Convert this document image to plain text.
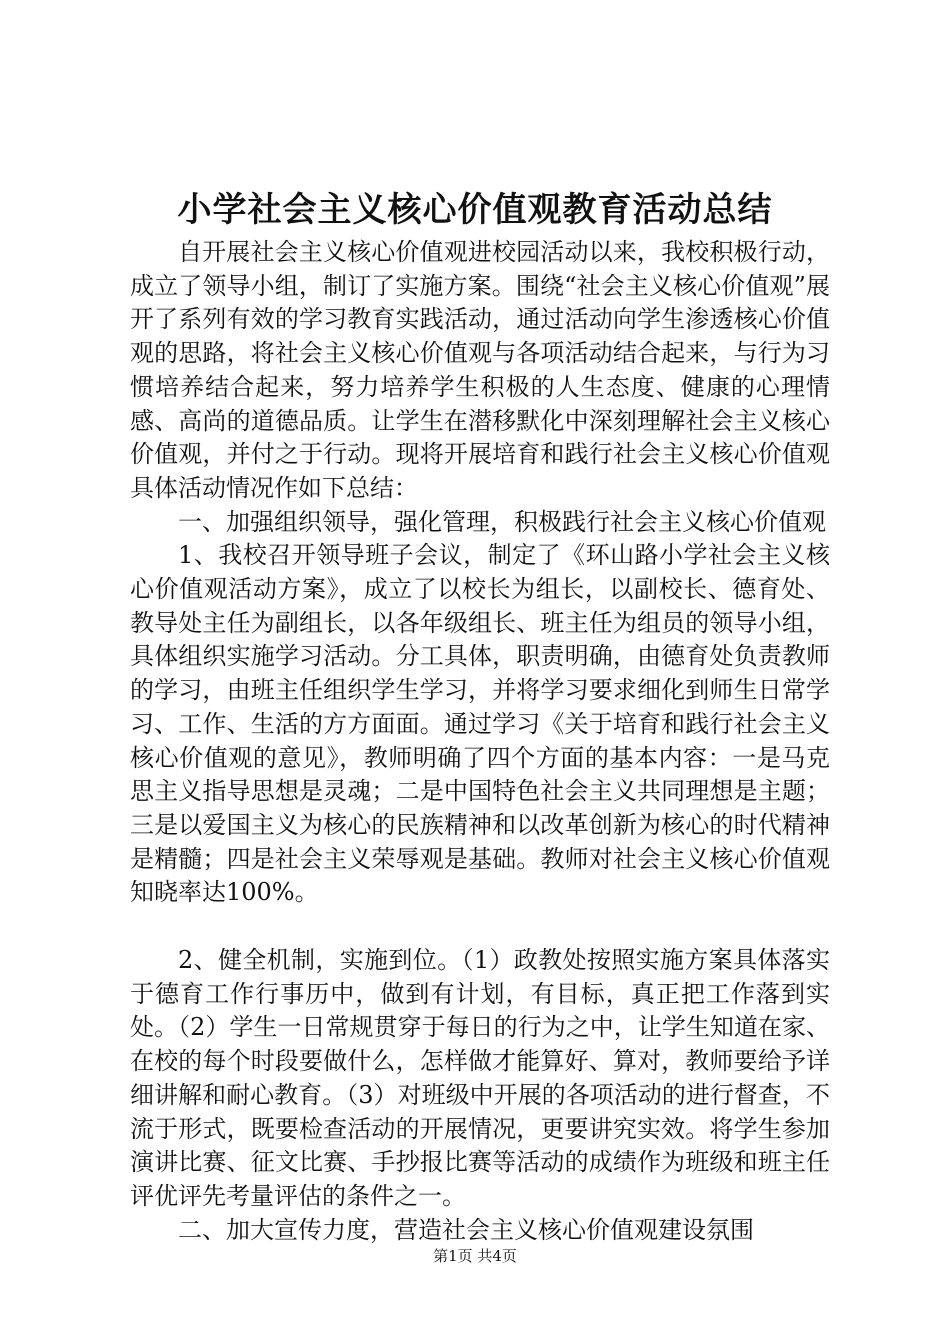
小学社会主义核心价值观教育活动总结

自开展社会主义核心价值观进校园活动以来，我校积极行动，成立了领导小组，制订了实施方案。围绕“社会主义核心价值观”展开了系列有效的学习教育实践活动，通过活动向学生渗透核心价值观的思路，将社会主义核心价值观与各项活动结合起来，与行为习惯培养结合起来，努力培养学生积极的人生态度、健康的心理情感、高尚的道德品质。让学生在潜移默化中深刻理解社会主义核心价值观，并付之于行动。现将开展培育和践行社会主义核心价值观具体活动情况作如下总结：

一、加强组织领导，强化管理，积极践行社会主义核心价值观

1、我校召开领导班子会议，制定了《环山路小学社会主义核心价值观活动方案》，成立了以校长为组长，以副校长、德育处、教导处主任为副组长，以各年级组长、班主任为组员的领导小组，具体组织实施学习活动。分工具体，职责明确，由德育处负责教师的学习，由班主任组织学生学习，并将学习要求细化到师生日常学习、工作、生活的方方面面。通过学习《关于培育和践行社会主义核心价值观的意见》，教师明确了四个方面的基本内容：一是马克思主义指导思想是灵魂；二是中国特色社会主义共同理想是主题；三是以爱国主义为核心的民族精神和以改革创新为核心的时代精神是精髓；四是社会主义荣辱观是基础。教师对社会主义核心价值观知晓率达100%。

2、健全机制，实施到位。（1）政教处按照实施方案具体落实于德育工作行事历中，做到有计划，有目标，真正把工作落到实处。（2）学生一日常规贯穿于每日的行为之中，让学生知道在家、在校的每个时段要做什么，怎样做才能算好、算对，教师要给予详细讲解和耐心教育。（3）对班级中开展的各项活动的进行督查，不流于形式，既要检查活动的开展情况，更要讲究实效。将学生参加演讲比赛、征文比赛、手抄报比赛等活动的成绩作为班级和班主任评优评先考量评估的条件之一。

二、加大宣传力度，营造社会主义核心价值观建设氛围

第1页 共4页
